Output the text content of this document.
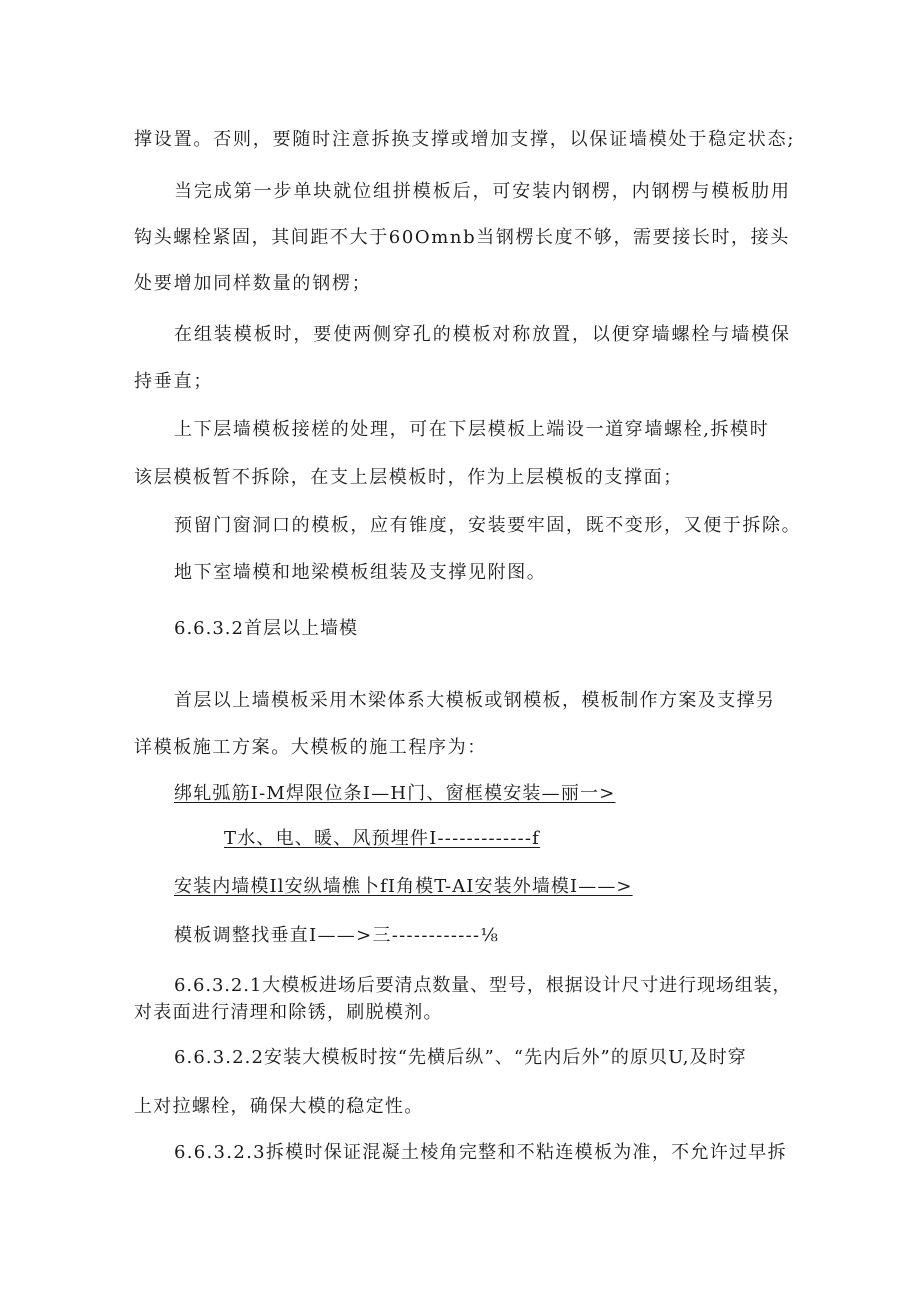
撑设置。否则，要随时注意拆换支撑或增加支撑，以保证墙模处于稳定状态;
当完成第一步单块就位组拼模板后，可安装内钢楞，内钢楞与模板肋用
钩头螺栓紧固，其间距不大于60Omnb当钢楞长度不够，需要接长时，接头
处要增加同样数量的钢楞；
在组装模板时，要使两侧穿孔的模板对称放置，以便穿墙螺栓与墙模保
持垂直；
上下层墙模板接槎的处理，可在下层模板上端设一道穿墙螺栓,拆模时
该层模板暂不拆除，在支上层模板时，作为上层模板的支撑面；
预留门窗洞口的模板，应有锥度，安装要牢固，既不变形，又便于拆除。
地下室墙模和地梁模板组装及支撑见附图。
6.6.3.2首层以上墙模
首层以上墙模板采用木梁体系大模板或钢模板，模板制作方案及支撑另
详模板施工方案。大模板的施工程序为：
绑轧弧筋I-M焊限位条I—H门、窗框模安装—丽一>
T水、电、暖、风预埋件I-------------f
安装内墙模Il安纵墙樵卜fI角模T-AI安装外墙模I——>
模板调整找垂直I——>三------------⅛
6.6.3.2.1大模板进场后要清点数量、型号，根据设计尺寸进行现场组装，
对表面进行清理和除锈，刷脱模剂。
6.6.3.2.2安装大模板时按“先横后纵”、“先内后外”的原贝U,及时穿
上对拉螺栓，确保大模的稳定性。
6.6.3.2.3拆模时保证混凝土棱角完整和不粘连模板为准，不允许过早拆
